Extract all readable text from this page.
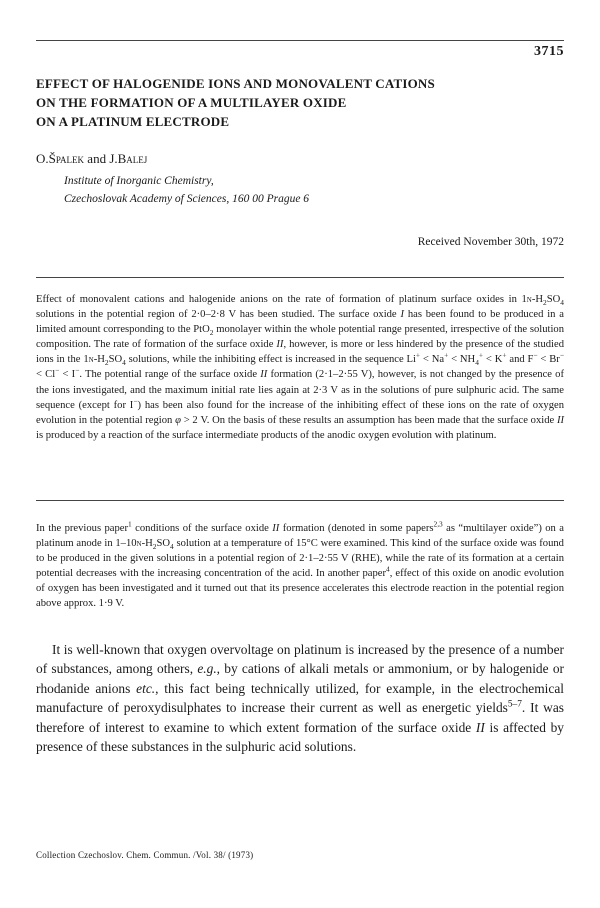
3715
EFFECT OF HALOGENIDE IONS AND MONOVALENT CATIONS
ON THE FORMATION OF A MULTILAYER OXIDE
ON A PLATINUM ELECTRODE
O.Špalek and J.Balej
Institute of Inorganic Chemistry,
Czechoslovak Academy of Sciences, 160 00 Prague 6
Received November 30th, 1972

Effect of monovalent cations and halogenide anions on the rate of formation of platinum surface oxides in $1n-H_2SO_4$ solutions in the potential region of 2·0–2·8 V has been studied. The surface oxide I has been found to be produced in a limited amount corresponding to the PtO$_2$ monolayer within the whole potential range presented, irrespective of the solution composition. The rate of formation of the surface oxide II, however, is more or less hindered by the presence of the studied ions in the $1n-H_2SO_4$ solutions, while the inhibiting effect is increased in the sequence $Li^+ < Na^+ < NH_4^+ < K^+$ and F− < Br− < Cl− < I−. The potential range of the surface oxide II formation (2·1–2·55 V), however, is not changed by the presence of the ions investigated, and the maximum initial rate lies again at 2·3 V as in the solutions of pure sulphuric acid. The same sequence (except for I−) has been also found for the increase of the inhibiting effect of these ions on the rate of oxygen evolution in the potential region φ > 2 V. On the basis of these results an assumption has been made that the surface oxide II is produced by a reaction of the surface intermediate products of the anodic oxygen evolution with platinum.

In the previous paper$^1$ conditions of the surface oxide II formation (denoted in some papers$^{2,3}$ as “multilayer oxide”) on a platinum anode in $1-10n-H_2SO_4$ solution at a temperature of 15°C were examined. This kind of the surface oxide was found to be produced in the given solutions in a potential region of 2·1–2·55 V (RHE), while the rate of its formation at a certain potential decreases with the increasing concentration of the acid. In another paper$^4$, effect of this oxide on anodic evolution of oxygen has been investigated and it turned out that its presence accelerates this electrode reaction in the potential region above approx. 1·9 V.

It is well-known that oxygen overvoltage on platinum is increased by the presence of a number of substances, among others, e.g., by cations of alkali metals or ammonium, or by halogenide or rhodanide anions etc., this fact being technically utilized, for example, in the electrochemical manufacture of peroxydisulphates to increase their current as well as energetic yields$^{5-7}$. It was therefore of interest to examine to which extent formation of the surface oxide II is affected by presence of these substances in the sulphuric acid solutions.

Collection Czechoslov. Chem. Commun. /Vol. 38/ (1973)
